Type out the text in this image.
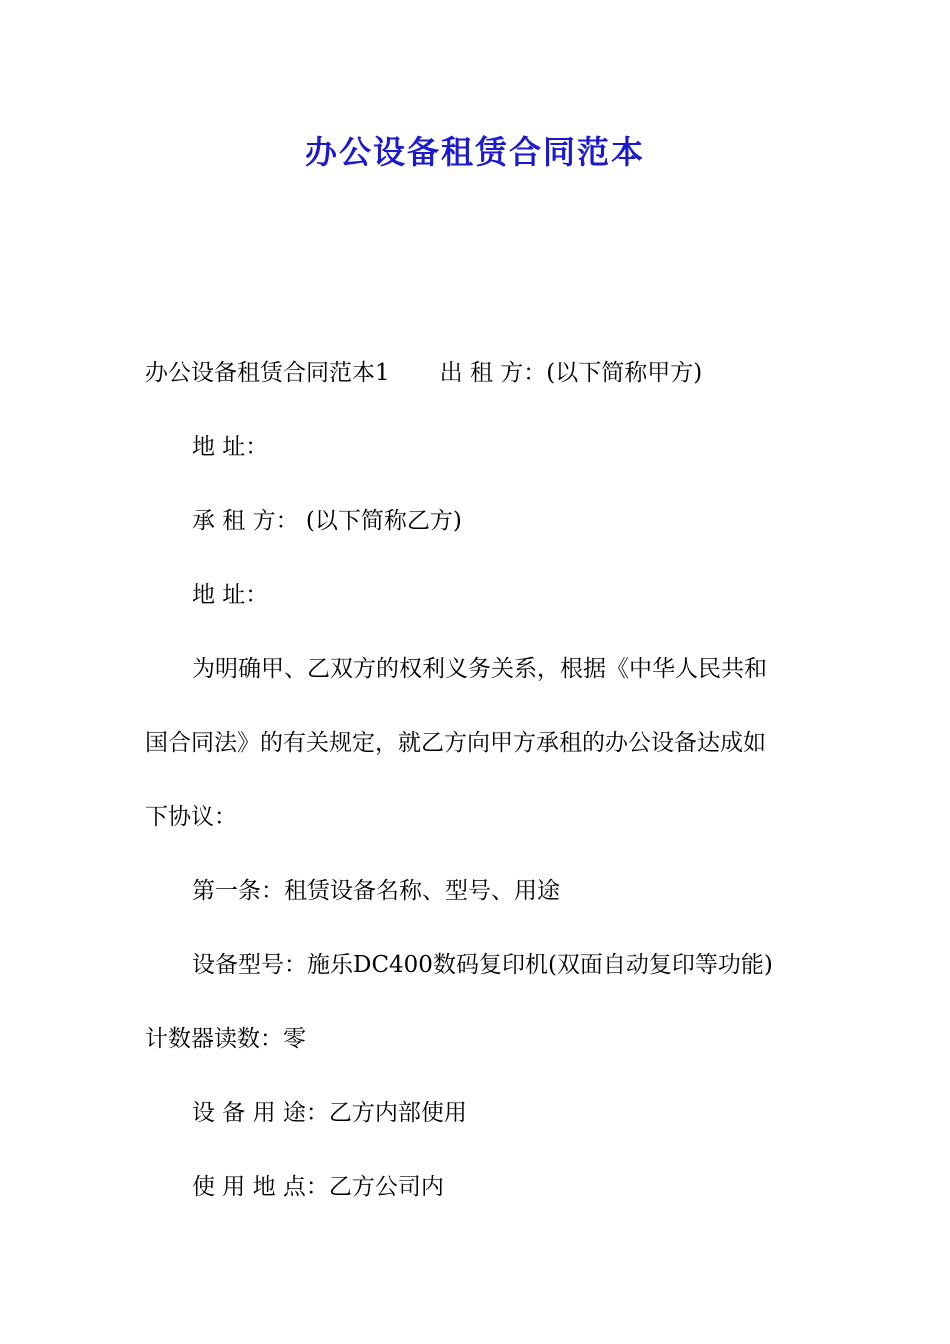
办公设备租赁合同范本
办公设备租赁合同范本1 出 租 方：(以下简称甲方)
地 址：
承 租 方： (以下简称乙方)
地 址：
为明确甲、乙双方的权利义务关系，根据《中华人民共和
国合同法》的有关规定，就乙方向甲方承租的办公设备达成如
下协议：
第一条：租赁设备名称、型号、用途
设备型号：施乐DC400数码复印机(双面自动复印等功能)
计数器读数：零
设 备 用 途：乙方内部使用
使 用 地 点：乙方公司内
